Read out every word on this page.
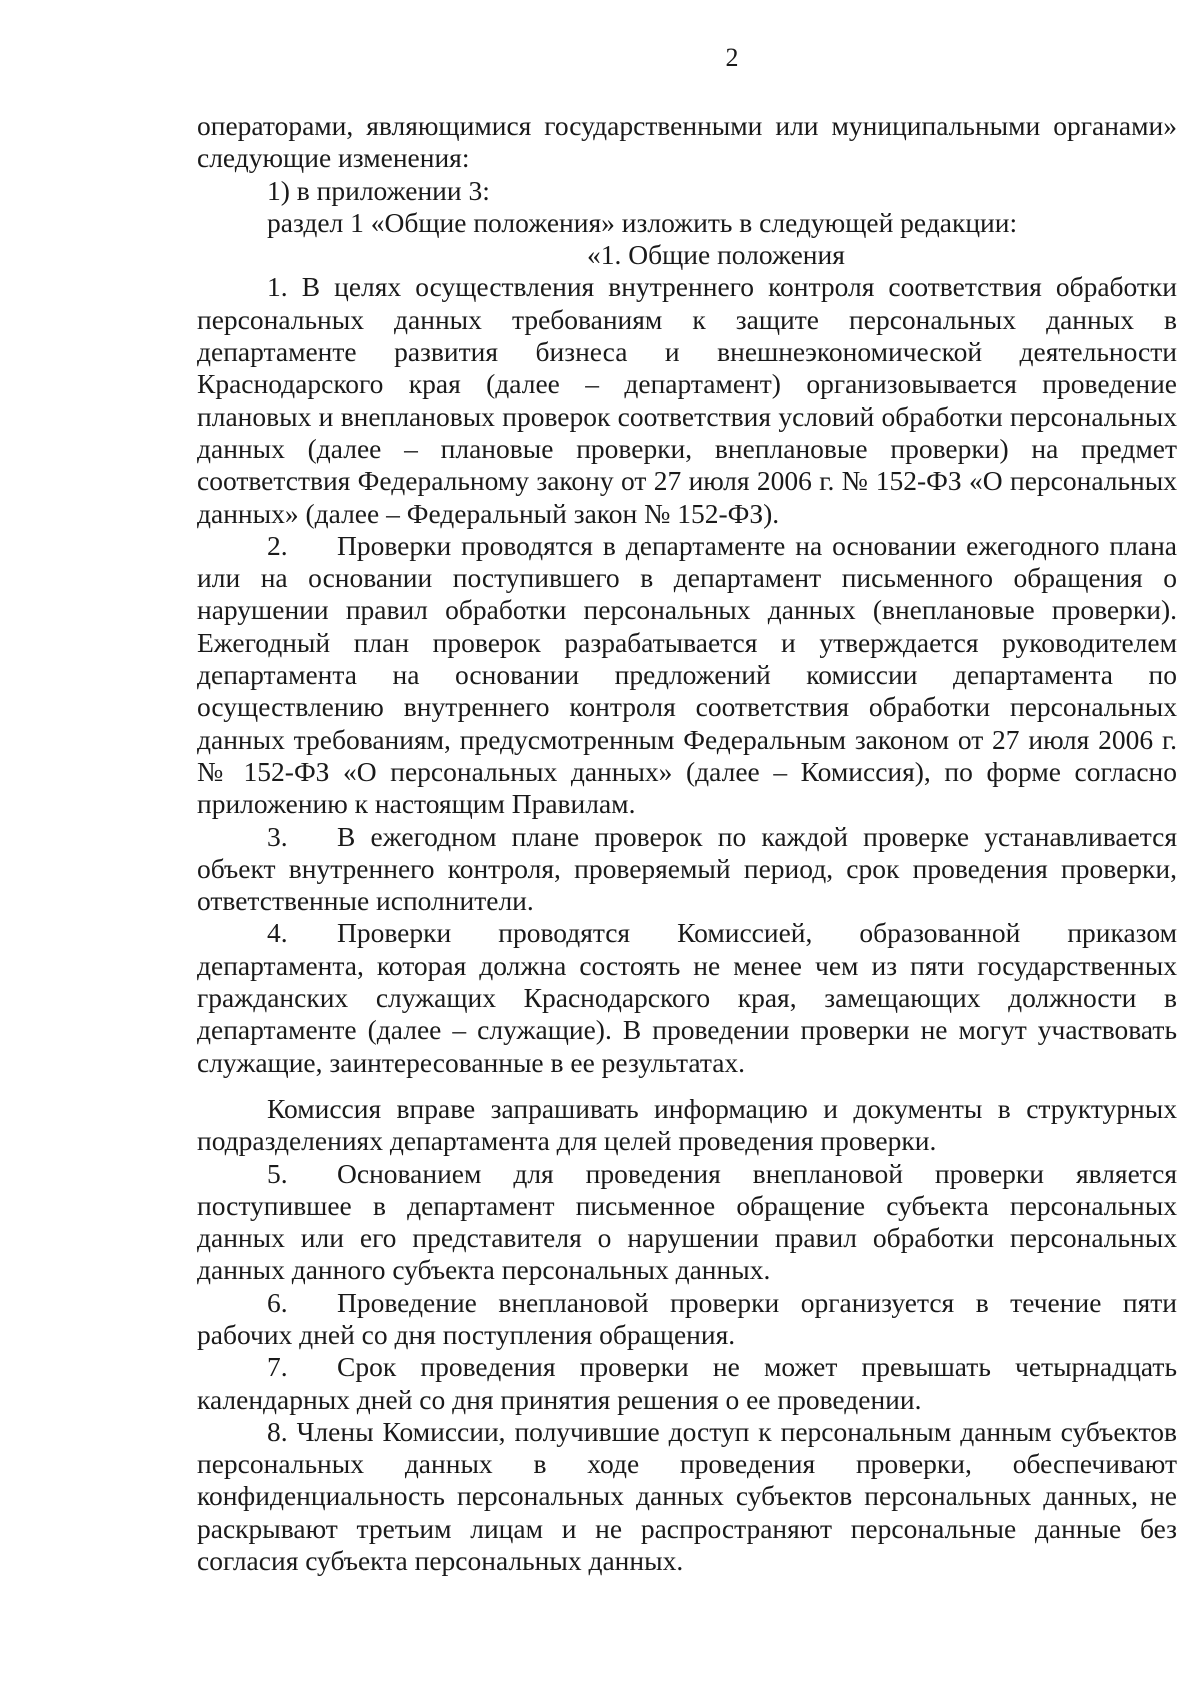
2

операторами, являющимися государственными или муниципальными органами» следующие изменения:

1) в приложении 3:

раздел 1 «Общие положения» изложить в следующей редакции:

«1. Общие положения

1. В целях осуществления внутреннего контроля соответствия обработки персональных данных требованиям к защите персональных данных в департаменте развития бизнеса и внешнеэкономической деятельности Краснодарского края (далее – департамент) организовывается проведение плановых и внеплановых проверок соответствия условий обработки персональных данных (далее – плановые проверки, внеплановые проверки) на предмет соответствия Федеральному закону от 27 июля 2006 г. № 152-ФЗ «О персональных данных» (далее – Федеральный закон № 152-ФЗ).

2. Проверки проводятся в департаменте на основании ежегодного плана или на основании поступившего в департамент письменного обращения о нарушении правил обработки персональных данных (внеплановые проверки). Ежегодный план проверок разрабатывается и утверждается руководителем департамента на основании предложений комиссии департамента по осуществлению внутреннего контроля соответствия обработки персональных данных требованиям, предусмотренным Федеральным законом от 27 июля 2006 г. № 152-ФЗ «О персональных данных» (далее – Комиссия), по форме согласно приложению к настоящим Правилам.

3. В ежегодном плане проверок по каждой проверке устанавливается объект внутреннего контроля, проверяемый период, срок проведения проверки, ответственные исполнители.

4. Проверки проводятся Комиссией, образованной приказом департамента, которая должна состоять не менее чем из пяти государственных гражданских служащих Краснодарского края, замещающих должности в департаменте (далее – служащие). В проведении проверки не могут участвовать служащие, заинтересованные в ее результатах.

Комиссия вправе запрашивать информацию и документы в структурных подразделениях департамента для целей проведения проверки.

5. Основанием для проведения внеплановой проверки является поступившее в департамент письменное обращение субъекта персональных данных или его представителя о нарушении правил обработки персональных данных данного субъекта персональных данных.

6. Проведение внеплановой проверки организуется в течение пяти рабочих дней со дня поступления обращения.

7. Срок проведения проверки не может превышать четырнадцать календарных дней со дня принятия решения о ее проведении.

8. Члены Комиссии, получившие доступ к персональным данным субъектов персональных данных в ходе проведения проверки, обеспечивают конфиденциальность персональных данных субъектов персональных данных, не раскрывают третьим лицам и не распространяют персональные данные без согласия субъекта персональных данных.
